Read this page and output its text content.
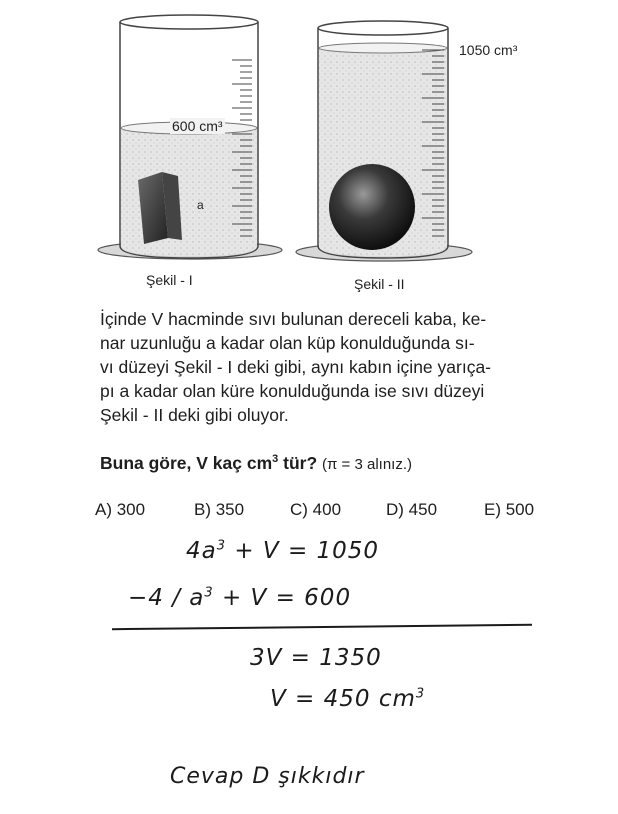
600 cm³
a
1050 cm³
Şekil - I	Şekil - II

İçinde V hacminde sıvı bulunan dereceli kaba, ke-

nar uzunluğu a kadar olan küp konulduğunda sı-

vı düzeyi Şekil - I deki gibi, aynı kabın içine yarıça-

pı a kadar olan küre konulduğunda ise sıvı düzeyi

Şekil - II deki gibi oluyor.

Buna göre, V kaç $cm^3$ tür? (π = 3 alınız.)
A) 300	B) 350	C) 400	D) 450	E) 500
$4a^3 + V = 1050$
$-4 / a^3 + V = 600$
3V = 1350
V = 450 $cm^3$
Cevap D şıkkıdır
